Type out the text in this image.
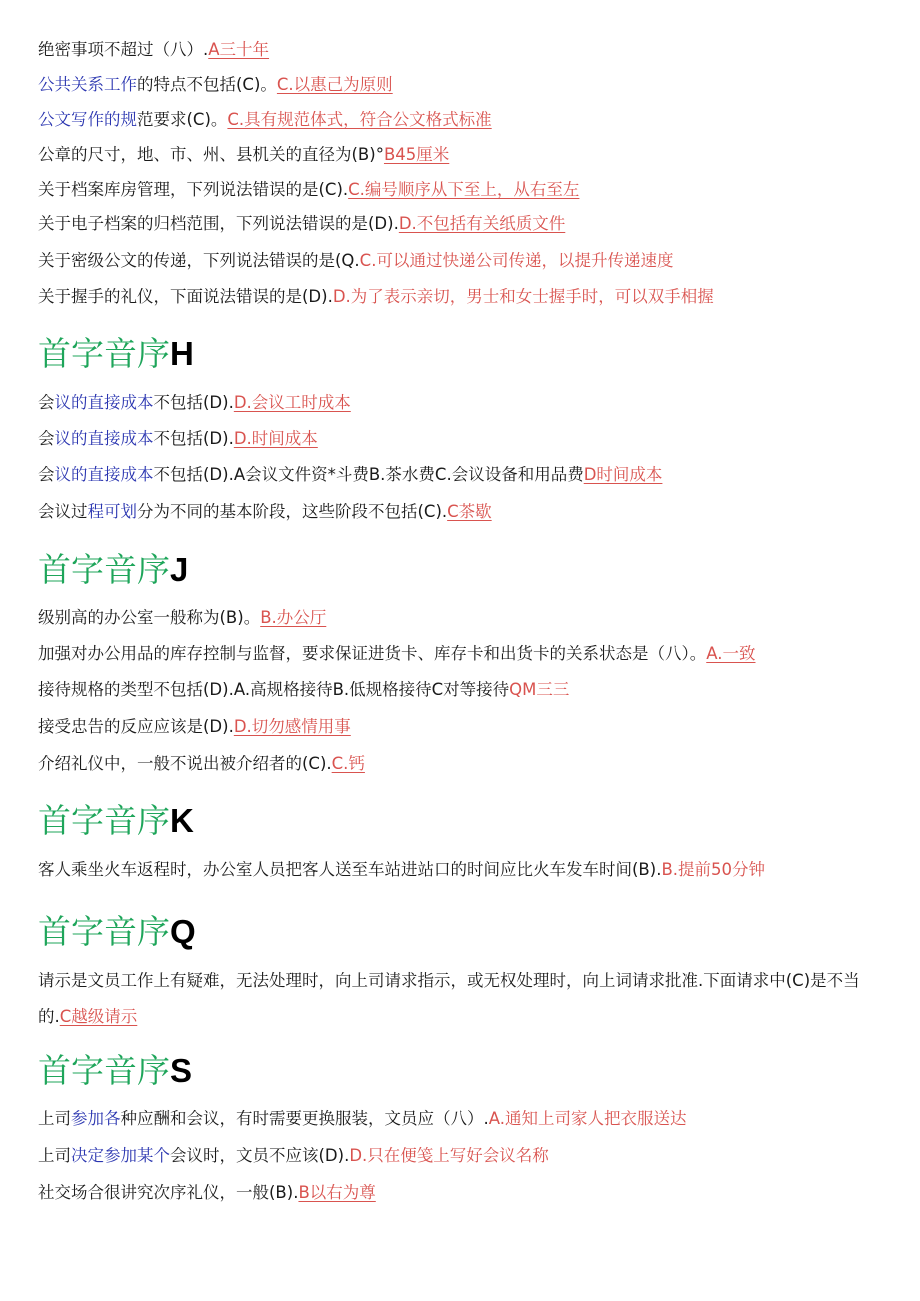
绝密事项不超过（八）.A三十年
公共关系工作的特点不包括(C)。C.以惠己为原则
公文写作的规范要求(C)。C.具有规范体式，符合公文格式标准
公章的尺寸，地、市、州、县机关的直径为(B)°B45厘米
关于档案库房管理，下列说法错误的是(C).C.编号顺序从下至上，从右至左
关于电子档案的归档范围，下列说法错误的是(D).D.不包括有关纸质文件
关于密级公文的传递，下列说法错误的是(Q.C.可以通过快递公司传递，以提升传递速度
关于握手的礼仪，下面说法错误的是(D).D.为了表示亲切，男士和女士握手时，可以双手相握
首字音序H
会议的直接成本不包括(D).D.会议工时成本
会议的直接成本不包括(D).D.时间成本
会议的直接成本不包括(D).A会议文件资*斗费B.茶水费C.会议设备和用品费D时间成本
会议过程可划分为不同的基本阶段，这些阶段不包括(C).C茶歇
首字音序J
级别高的办公室一般称为(B)。B.办公厅
加强对办公用品的库存控制与监督，要求保证进货卡、库存卡和出货卡的关系状态是（八）。A.一致
接待规格的类型不包括(D).A.高规格接待B.低规格接待C对等接待QM三三
接受忠告的反应应该是(D).D.切勿感情用事
介绍礼仪中，一般不说出被介绍者的(C).C.钙
首字音序K
客人乘坐火车返程时，办公室人员把客人送至车站进站口的时间应比火车发车时间(B).B.提前50分钟
首字音序Q
请示是文员工作上有疑难，无法处理时，向上司请求指示，或无权处理时，向上词请求批准.下面请求中(C)是不当的.C越级请示
首字音序S
上司参加各种应酬和会议，有时需要更换服装，文员应（八）.A.通知上司家人把衣服送达
上司决定参加某个会议时，文员不应该(D).D.只在便笺上写好会议名称
社交场合很讲究次序礼仪，一般(B).B以右为尊
